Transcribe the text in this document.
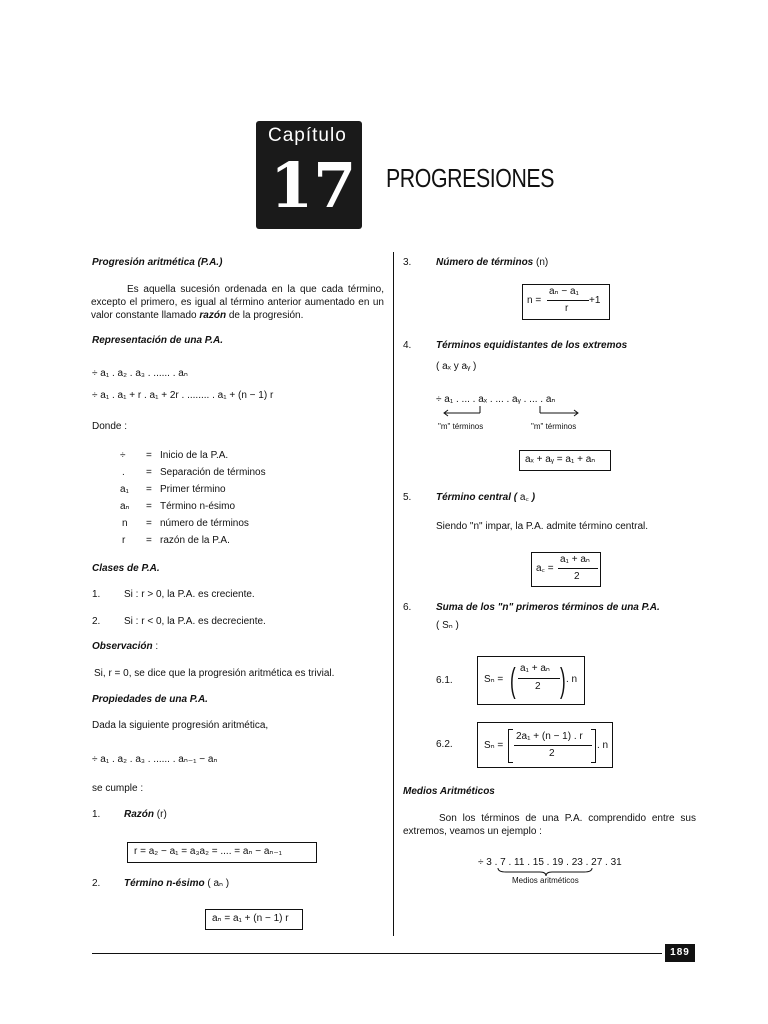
Capítulo
17 PROGRESIONES
Progresión aritmética (P.A.)
Es aquella sucesión ordenada en la que cada término, excepto el primero, es igual al término anterior aumentado en un valor constante llamado razón de la progresión.
Representación de una P.A.
÷ a₁ . a₂ . a₃ . ...... . aₙ
÷ a₁ . a₁ + r . a₁ + 2r . ........ . a₁ + (n − 1) r
Donde :
÷ = Inicio de la P.A.
. = Separación de términos
a₁ = Primer término
aₙ = Término n-ésimo
n = número de términos
r = razón de la P.A.
Clases de P.A.
1. Si : r > 0, la P.A. es creciente.
2. Si : r < 0, la P.A. es decreciente.
Observación :
Si, r = 0, se dice que la progresión aritmética es trivial.
Propiedades de una P.A.
Dada la siguiente progresión aritmética,
÷ a₁ . a₂ . a₃ . ...... . aₙ₋₁ − aₙ
se cumple :
1. Razón (r)
r = a₂ − a₁ = a₃a₂ = .... = aₙ − aₙ₋₁
2. Término n-ésimo ( aₙ )
aₙ = a₁ + (n − 1) r
3. Número de términos (n)
n =
aₙ − a₁
r
+1
4. Términos equidistantes de los extremos
( aₓ y aᵧ )
÷ a₁ . ... . aₓ . ... . aᵧ . ... . aₙ
"m" términos	"m" términos
aₓ + aᵧ = a₁ + aₙ
5. Término central ( a꜀ )
Siendo "n" impar, la P.A. admite término central.
a꜀ =
a₁ + aₙ
2
6. Suma de los "n" primeros términos de una P.A.
( Sₙ )
6.1.	Sₙ = ( a₁ + aₙ
2 ) . n
6.2.	Sₙ =
2a₁ + (n − 1) . r
2
. n
Medios Aritméticos
Son los términos de una P.A. comprendido entre sus extremos, veamos un ejemplo :
÷ 3 . 7 . 11 . 15 . 19 . 23 . 27 . 31
Medios aritméticos
189
